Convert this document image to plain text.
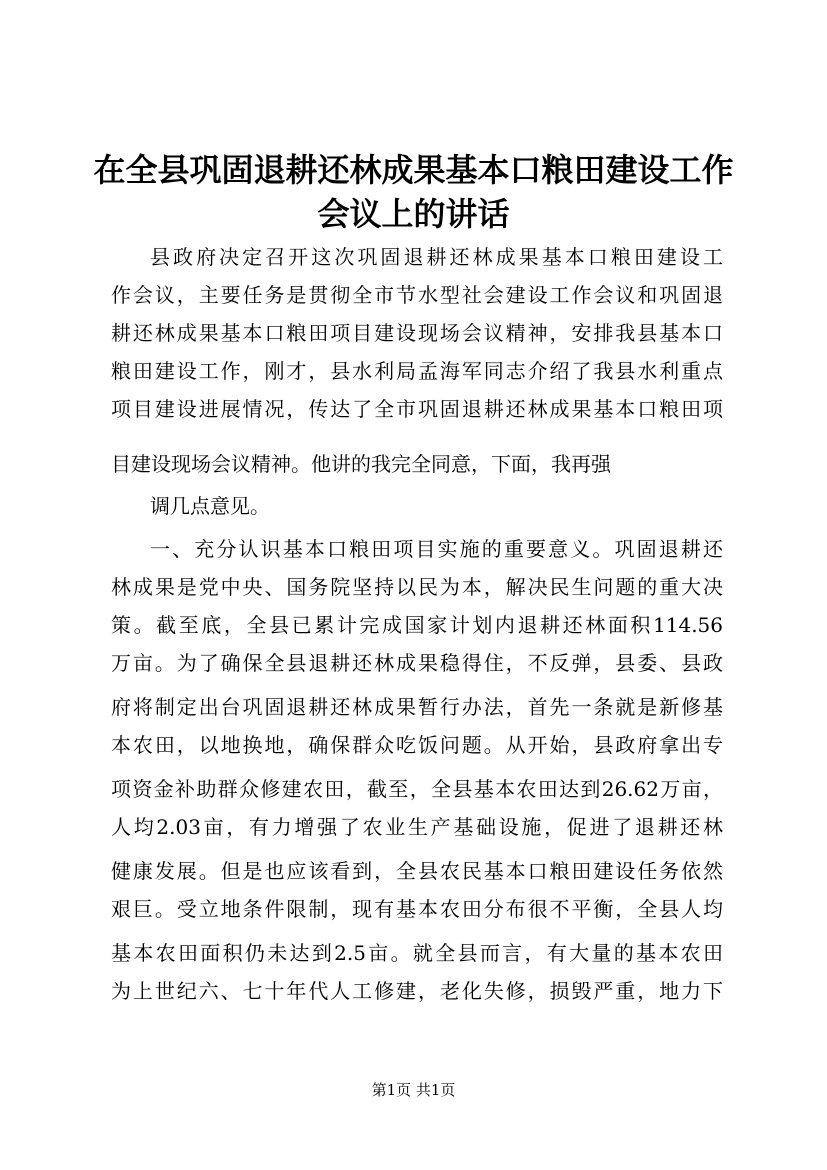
在全县巩固退耕还林成果基本口粮田建设工作
会议上的讲话

县政府决定召开这次巩固退耕还林成果基本口粮田建设工

作会议，主要任务是贯彻全市节水型社会建设工作会议和巩固退

耕还林成果基本口粮田项目建设现场会议精神，安排我县基本口

粮田建设工作，刚才，县水利局孟海军同志介绍了我县水利重点

项目建设进展情况，传达了全市巩固退耕还林成果基本口粮田项

目建设现场会议精神。他讲的我完全同意，下面，我再强

调几点意见。

一、充分认识基本口粮田项目实施的重要意义。巩固退耕还

林成果是党中央、国务院坚持以民为本，解决民生问题的重大决

策。截至底，全县已累计完成国家计划内退耕还林面积114.56

万亩。为了确保全县退耕还林成果稳得住，不反弹，县委、县政

府将制定出台巩固退耕还林成果暂行办法，首先一条就是新修基

本农田，以地换地，确保群众吃饭问题。从开始，县政府拿出专

项资金补助群众修建农田，截至，全县基本农田达到26.62万亩，

人均2.03亩，有力增强了农业生产基础设施，促进了退耕还林

健康发展。但是也应该看到，全县农民基本口粮田建设任务依然

艰巨。受立地条件限制，现有基本农田分布很不平衡，全县人均

基本农田面积仍未达到2.5亩。就全县而言，有大量的基本农田

为上世纪六、七十年代人工修建，老化失修，损毁严重，地力下

第1页 共1页
